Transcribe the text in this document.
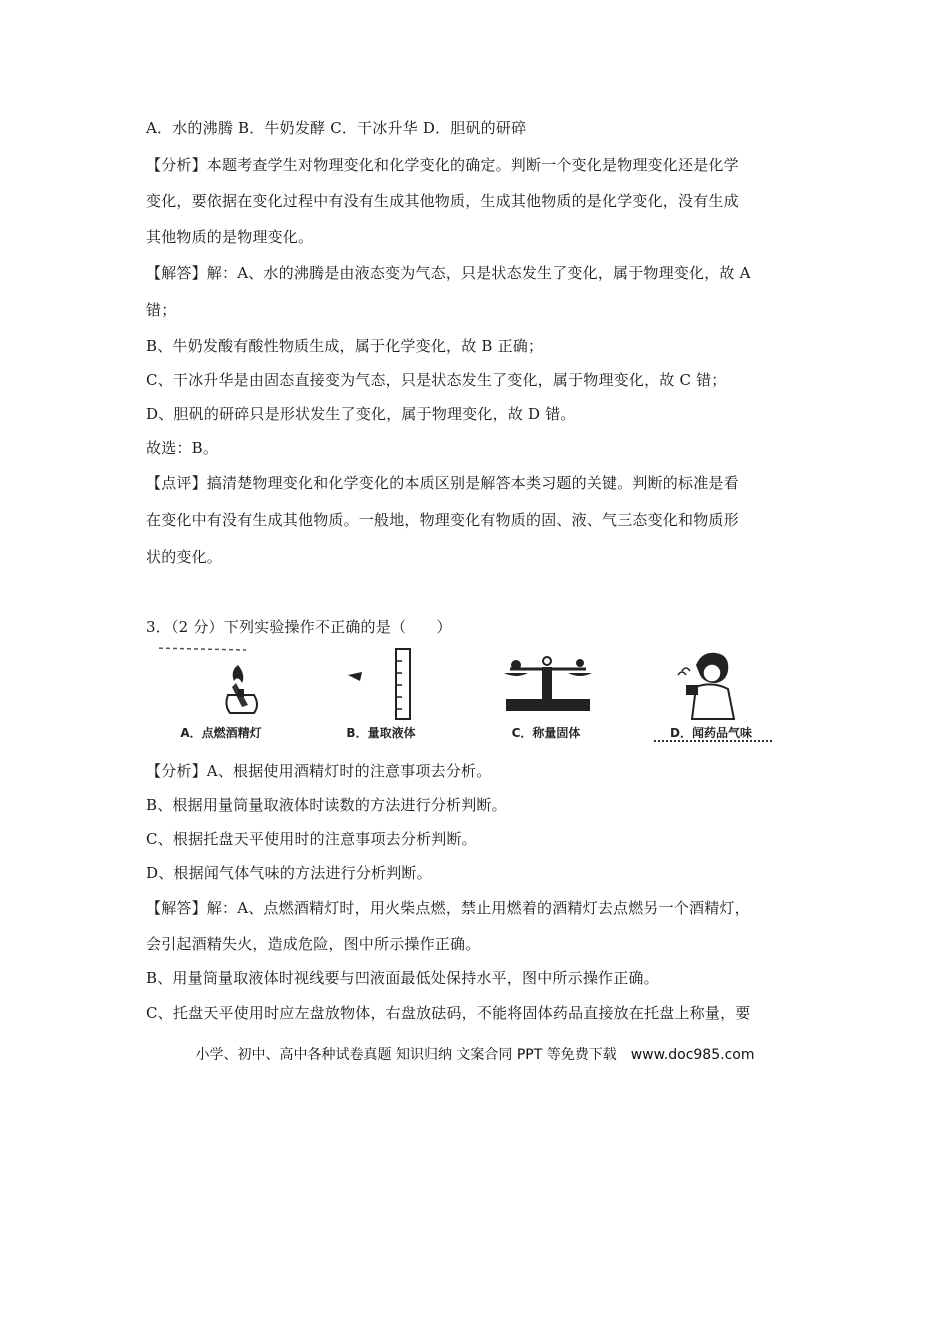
A．水的沸腾 B．牛奶发酵 C．干冰升华 D．胆矾的研碎
【分析】本题考查学生对物理变化和化学变化的确定。判断一个变化是物理变化还是化学
变化，要依据在变化过程中有没有生成其他物质，生成其他物质的是化学变化，没有生成
其他物质的是物理变化。
【解答】解：A、水的沸腾是由液态变为气态，只是状态发生了变化，属于物理变化，故 A
错；
B、牛奶发酸有酸性物质生成，属于化学变化，故 B 正确；
C、干冰升华是由固态直接变为气态，只是状态发生了变化，属于物理变化，故 C 错；
D、胆矾的研碎只是形状发生了变化，属于物理变化，故 D 错。
故选：B。
【点评】搞清楚物理变化和化学变化的本质区别是解答本类习题的关键。判断的标准是看
在变化中有没有生成其他物质。一般地，物理变化有物质的固、液、气三态变化和物质形
状的变化。
3．（2 分）下列实验操作不正确的是（　　）
A．点燃酒精灯	B．量取液体	C．称量固体	D．闻药品气味
【分析】A、根据使用酒精灯时的注意事项去分析。
B、根据用量筒量取液体时读数的方法进行分析判断。
C、根据托盘天平使用时的注意事项去分析判断。
D、根据闻气体气味的方法进行分析判断。
【解答】解：A、点燃酒精灯时，用火柴点燃，禁止用燃着的酒精灯去点燃另一个酒精灯，
会引起酒精失火，造成危险，图中所示操作正确。
B、用量筒量取液体时视线要与凹液面最低处保持水平，图中所示操作正确。
C、托盘天平使用时应左盘放物体，右盘放砝码，不能将固体药品直接放在托盘上称量，要
小学、初中、高中各种试卷真题 知识归纳 文案合同 PPT 等免费下载　www.doc985.com
